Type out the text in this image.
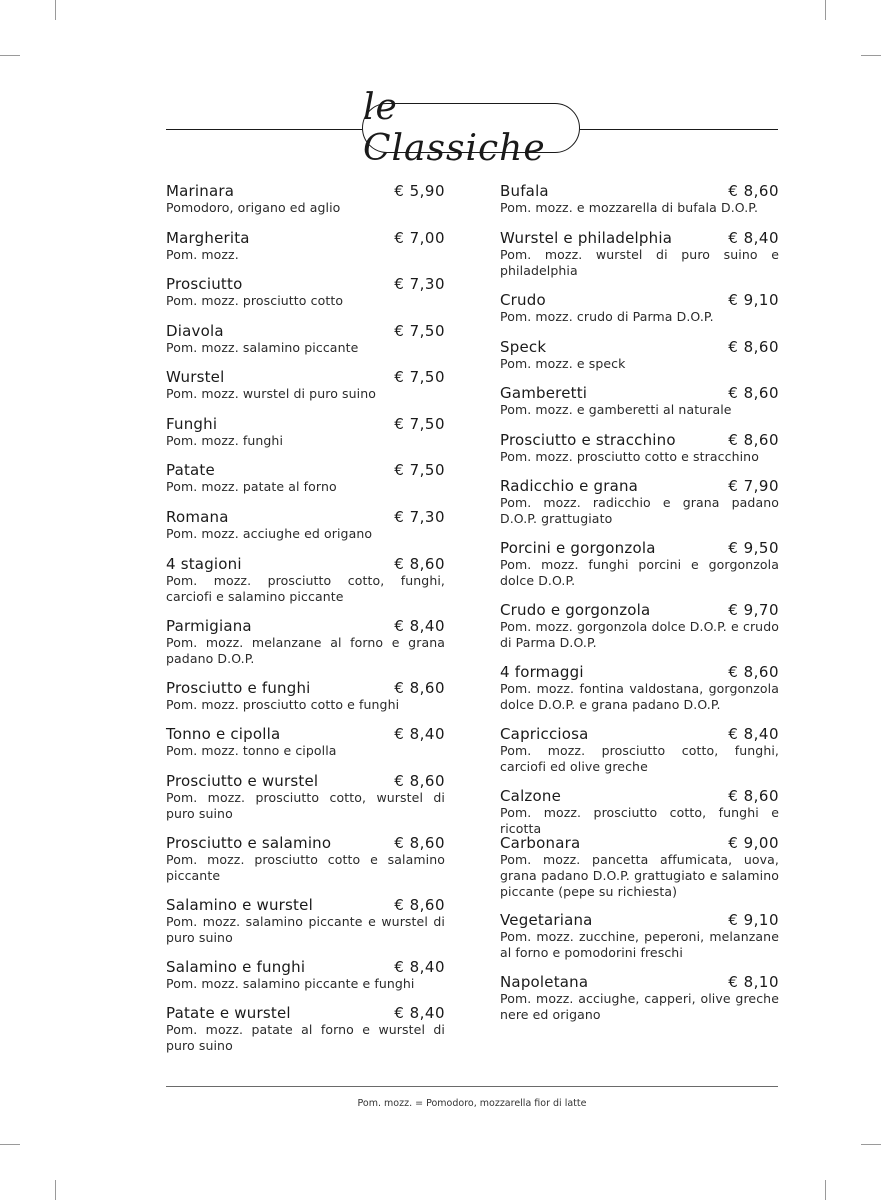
le Classiche
Marinara	€ 5,90
Pomodoro, origano ed aglio
Margherita	€ 7,00
Pom. mozz.
Prosciutto	€ 7,30
Pom. mozz. prosciutto cotto
Diavola	€ 7,50
Pom. mozz. salamino piccante
Wurstel	€ 7,50
Pom. mozz. wurstel di puro suino
Funghi	€ 7,50
Pom. mozz. funghi
Patate	€ 7,50
Pom. mozz. patate al forno
Romana	€ 7,30
Pom. mozz. acciughe ed origano
4 stagioni	€ 8,60
Pom. mozz. prosciutto cotto, funghi, carciofi e salamino piccante
Parmigiana	€ 8,40
Pom. mozz. melanzane al forno e grana padano D.O.P.
Prosciutto e funghi	€ 8,60
Pom. mozz. prosciutto cotto e funghi
Tonno e cipolla	€ 8,40
Pom. mozz. tonno e cipolla
Prosciutto e wurstel	€ 8,60
Pom. mozz. prosciutto cotto, wurstel di puro suino
Prosciutto e salamino	€ 8,60
Pom. mozz. prosciutto cotto e salamino piccante
Salamino e wurstel	€ 8,60
Pom. mozz. salamino piccante e wurstel di puro suino
Salamino e funghi	€ 8,40
Pom. mozz. salamino piccante e funghi
Patate e wurstel	€ 8,40
Pom. mozz. patate al forno e wurstel di puro suino
Bufala	€ 8,60
Pom. mozz. e mozzarella di bufala D.O.P.
Wurstel e philadelphia	€ 8,40
Pom. mozz. wurstel di puro suino e philadelphia
Crudo	€ 9,10
Pom. mozz. crudo di Parma D.O.P.
Speck	€ 8,60
Pom. mozz. e speck
Gamberetti	€ 8,60
Pom. mozz. e gamberetti al naturale
Prosciutto e stracchino	€ 8,60
Pom. mozz. prosciutto cotto e stracchino
Radicchio e grana	€ 7,90
Pom. mozz. radicchio e grana padano D.O.P. grattugiato
Porcini e gorgonzola	€ 9,50
Pom. mozz. funghi porcini e gorgonzola dolce D.O.P.
Crudo e gorgonzola	€ 9,70
Pom. mozz. gorgonzola dolce D.O.P. e crudo di Parma D.O.P.
4 formaggi	€ 8,60
Pom. mozz. fontina valdostana, gorgonzola dolce D.O.P. e grana padano D.O.P.
Capricciosa	€ 8,40
Pom. mozz. prosciutto cotto, funghi, carciofi ed olive greche
Calzone	€ 8,60
Pom. mozz. prosciutto cotto, funghi e ricotta
Carbonara	€ 9,00
Pom. mozz. pancetta affumicata, uova, grana padano D.O.P. grattugiato e salamino piccante (pepe su richiesta)
Vegetariana	€ 9,10
Pom. mozz. zucchine, peperoni, melanzane al forno e pomodorini freschi
Napoletana	€ 8,10
Pom. mozz. acciughe, capperi, olive greche nere ed origano
Pom. mozz. = Pomodoro, mozzarella fior di latte
